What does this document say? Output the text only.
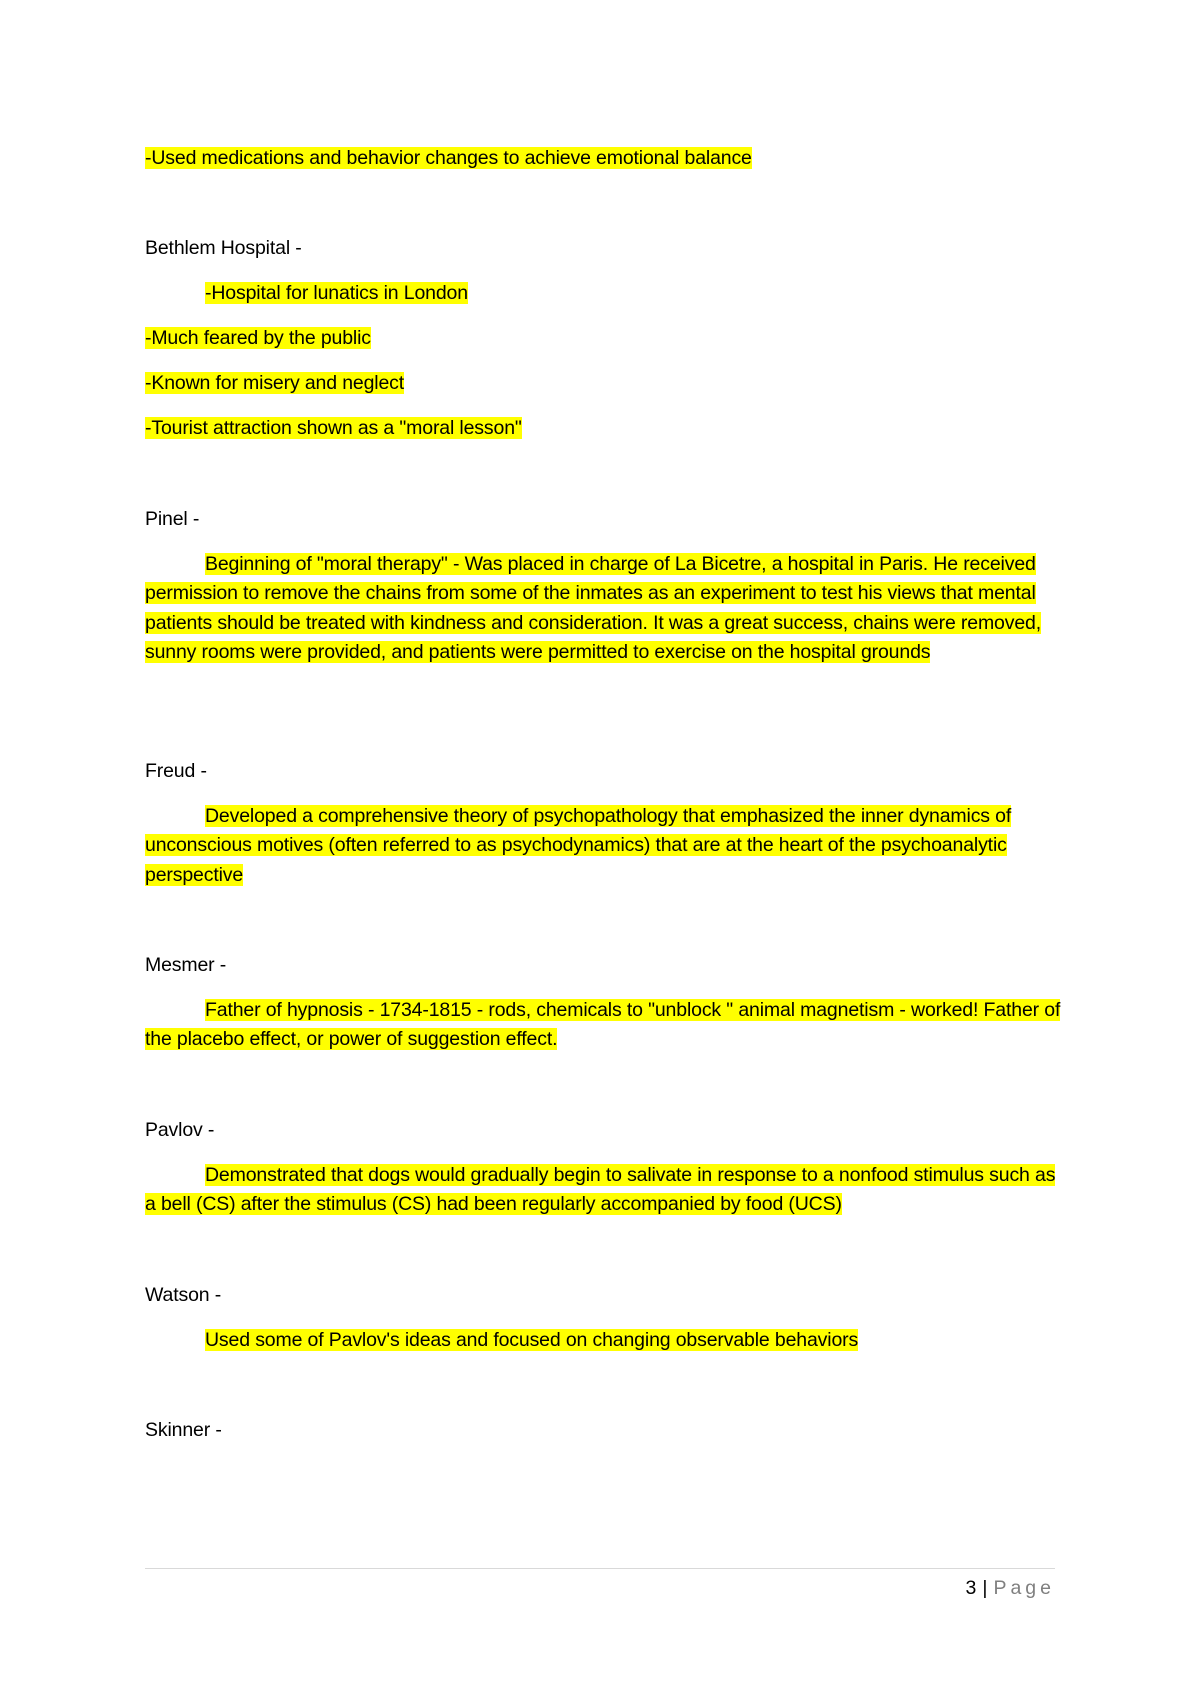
-Used medications and behavior changes to achieve emotional balance
Bethlem Hospital -
-Hospital for lunatics in London
-Much feared by the public
-Known for misery and neglect
-Tourist attraction shown as a "moral lesson"
Pinel -
Beginning of "moral therapy" - Was placed in charge of La Bicetre, a hospital in Paris. He received permission to remove the chains from some of the inmates as an experiment to test his views that mental patients should be treated with kindness and consideration. It was a great success, chains were removed, sunny rooms were provided, and patients were permitted to exercise on the hospital grounds
Freud -
Developed a comprehensive theory of psychopathology that emphasized the inner dynamics of unconscious motives (often referred to as psychodynamics) that are at the heart of the psychoanalytic perspective
Mesmer -
Father of hypnosis - 1734-1815 - rods, chemicals to "unblock " animal magnetism - worked! Father of the placebo effect, or power of suggestion effect.
Pavlov -
Demonstrated that dogs would gradually begin to salivate in response to a nonfood stimulus such as a bell (CS) after the stimulus (CS) had been regularly accompanied by food (UCS)
Watson -
Used some of Pavlov's ideas and focused on changing observable behaviors
Skinner -
3 | Page
